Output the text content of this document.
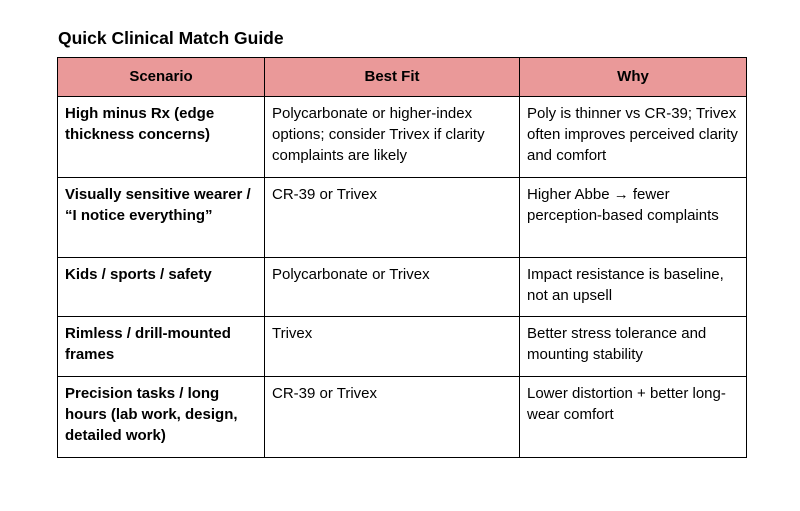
Quick Clinical Match Guide
Scenario	Best Fit	Why
High minus Rx (edge thickness concerns)	Polycarbonate or higher-index options; consider Trivex if clarity complaints are likely	Poly is thinner vs CR-39; Trivex often improves perceived clarity and comfort
Visually sensitive wearer / “I notice everything”	CR-39 or Trivex	Higher Abbe → fewer perception-based complaints
Kids / sports / safety	Polycarbonate or Trivex	Impact resistance is baseline, not an upsell
Rimless / drill-mounted frames	Trivex	Better stress tolerance and mounting stability
Precision tasks / long hours (lab work, design, detailed work)	CR-39 or Trivex	Lower distortion + better long-wear comfort
